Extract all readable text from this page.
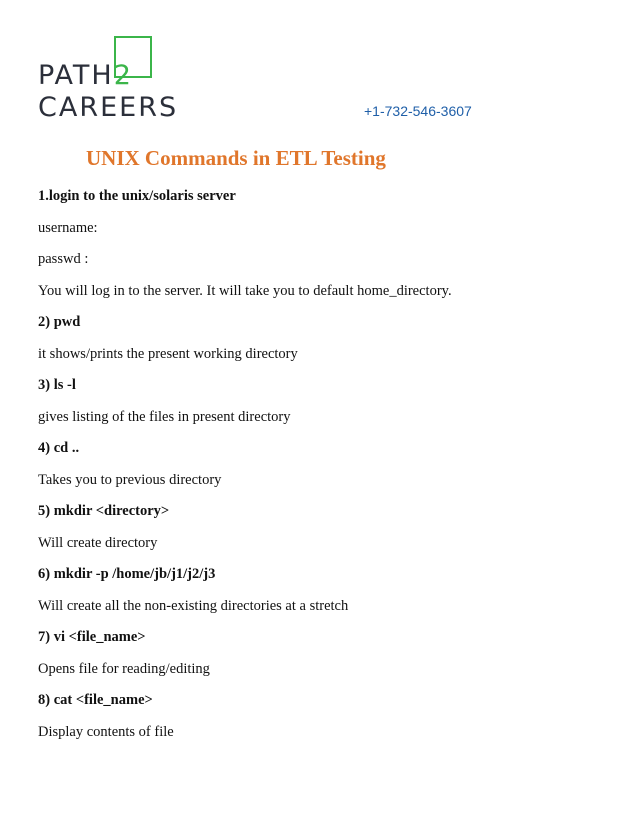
PATH2
CAREERS	+1-732-546-3607
UNIX Commands in ETL Testing
1.login to the unix/solaris server
username:
passwd :
You will log in to the server. It will take you to default home_directory.
2) pwd
it shows/prints the present working directory
3) ls -l
gives listing of the files in present directory
4) cd ..
Takes you to previous directory
5) mkdir <directory>
Will create directory
6) mkdir -p /home/jb/j1/j2/j3
Will create all the non-existing directories at a stretch
7) vi <file_name>
Opens file for reading/editing
8) cat <file_name>
Display contents of file
